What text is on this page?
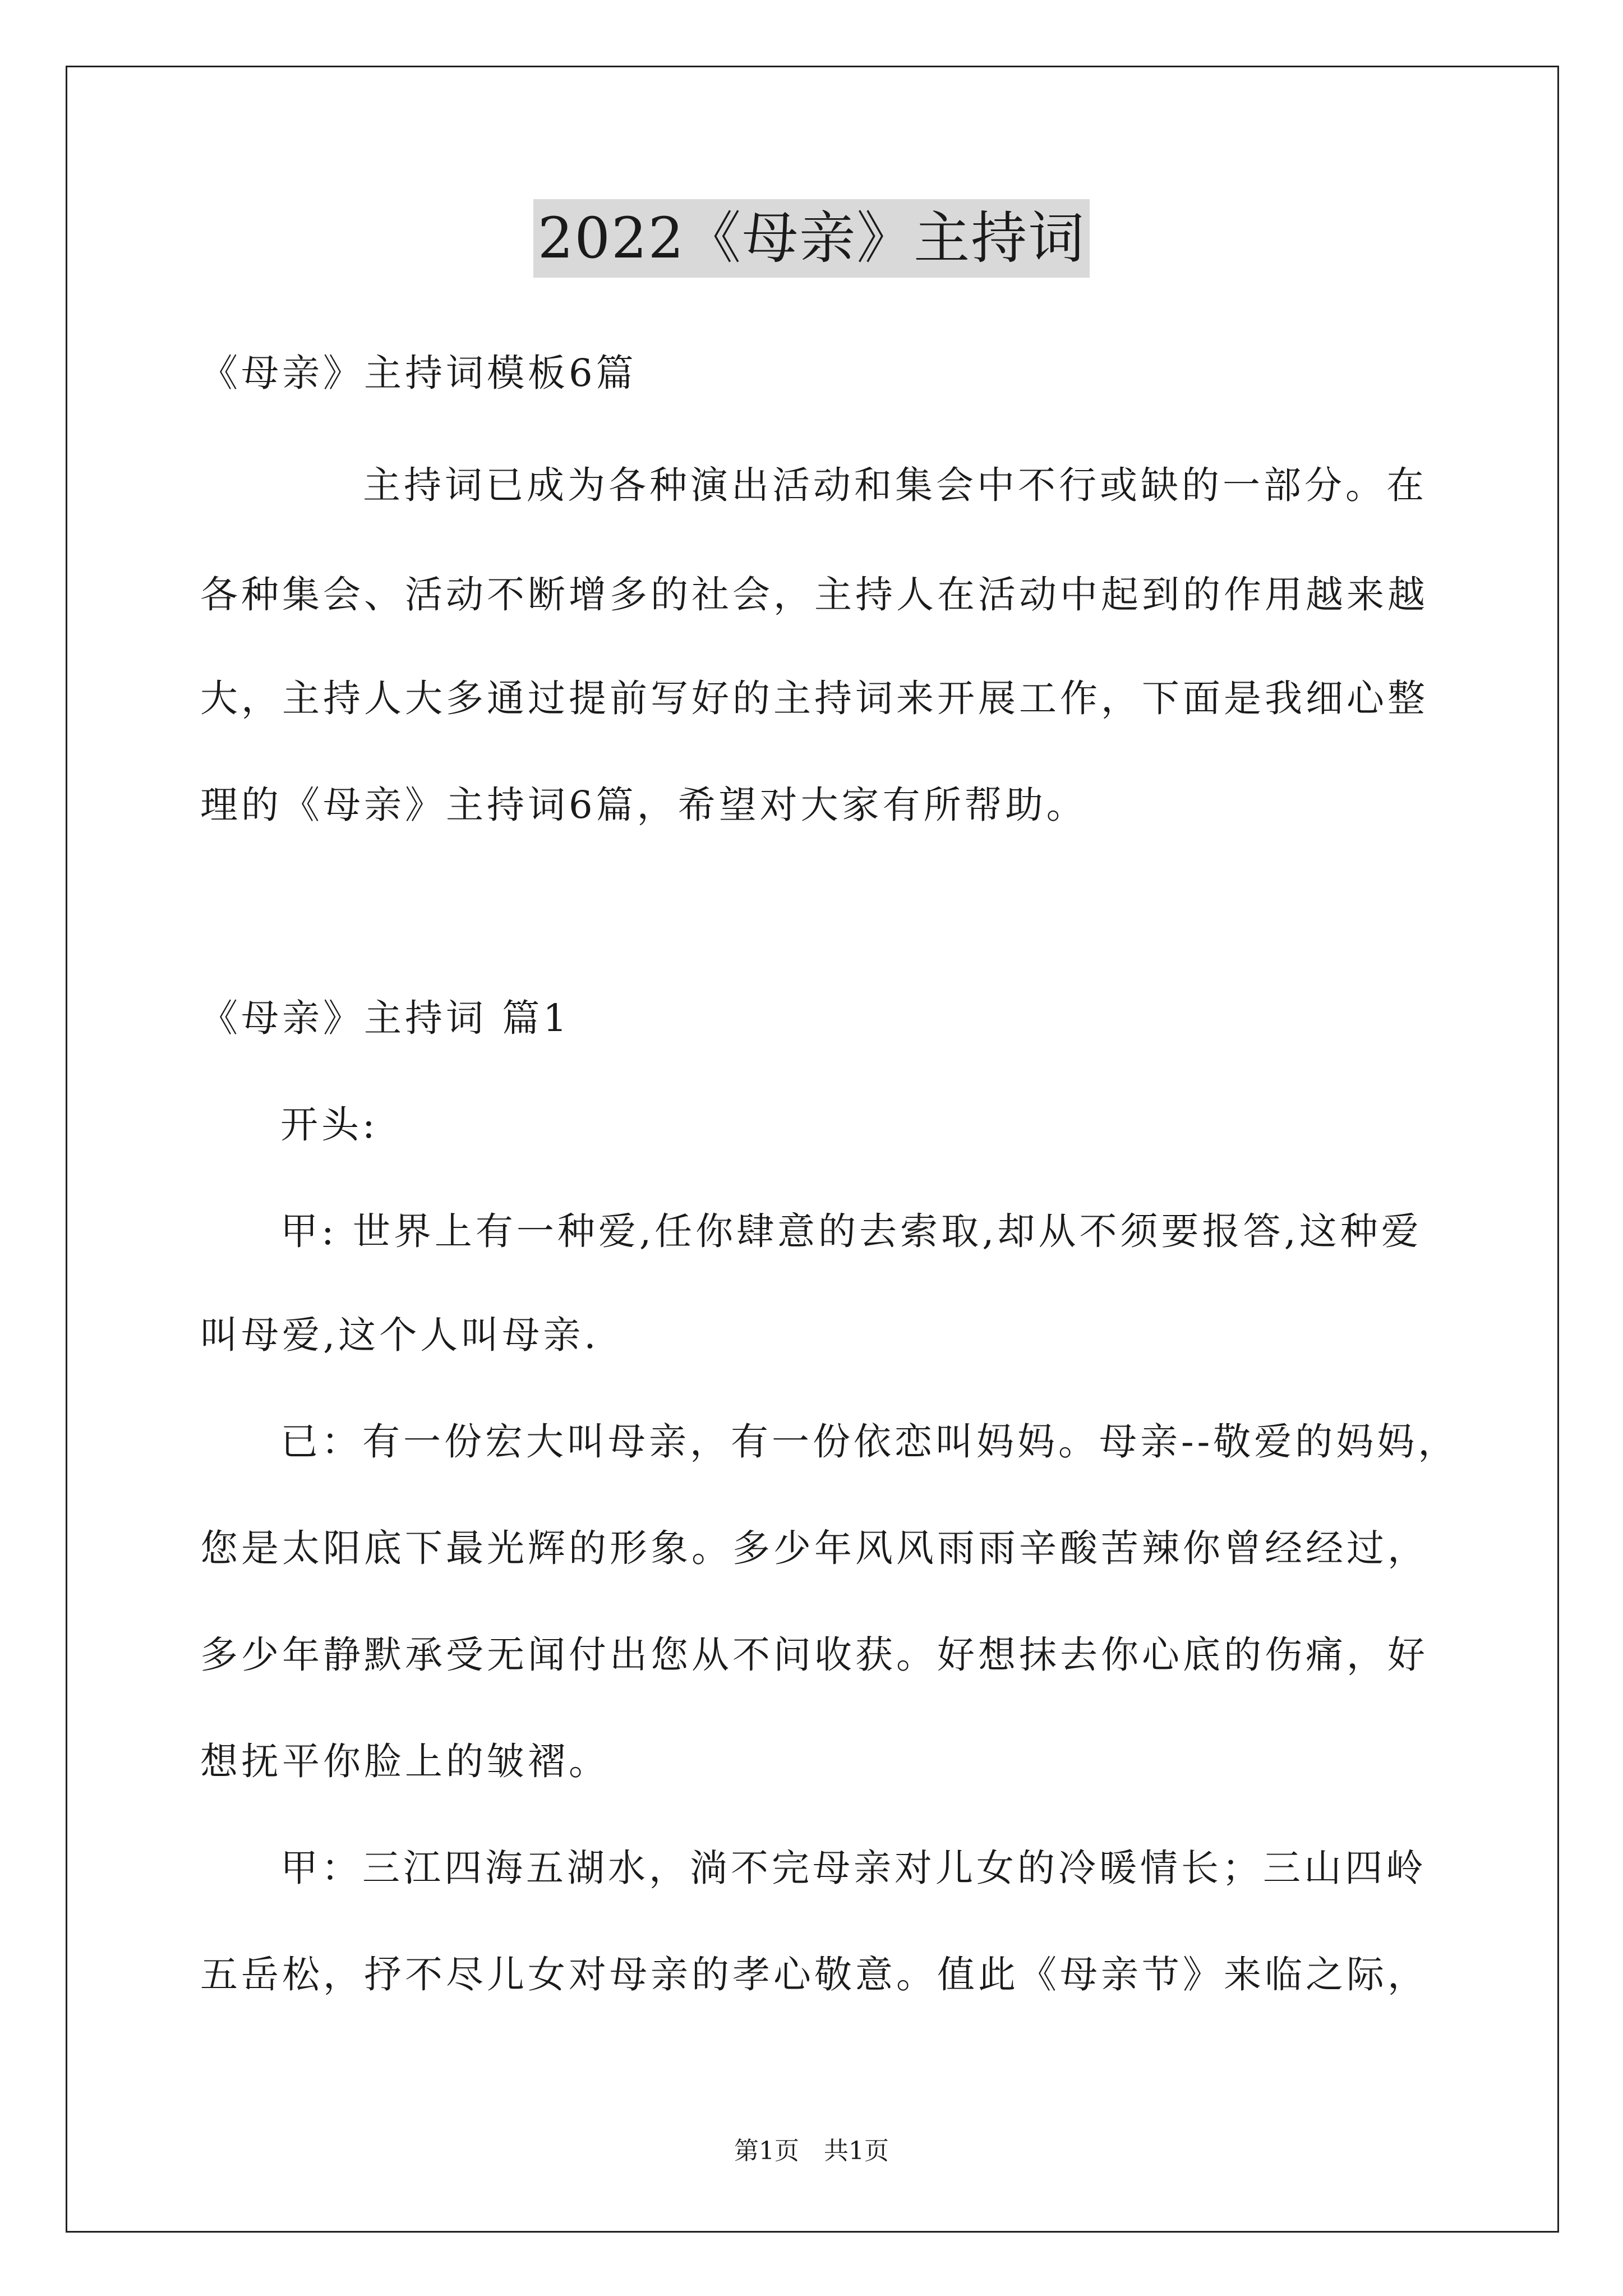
2022《母亲》主持词
《母亲》主持词模板6篇
主持词已成为各种演出活动和集会中不行或缺的一部分。在
各种集会、活动不断增多的社会，主持人在活动中起到的作用越来越
大，主持人大多通过提前写好的主持词来开展工作，下面是我细心整
理的《母亲》主持词6篇，希望对大家有所帮助。
《母亲》主持词 篇1
开头:
甲: 世界上有一种爱,任你肆意的去索取,却从不须要报答,这种爱
叫母爱,这个人叫母亲.
已：有一份宏大叫母亲，有一份依恋叫妈妈。母亲--敬爱的妈妈，
您是太阳底下最光辉的形象。多少年风风雨雨辛酸苦辣你曾经经过，
多少年静默承受无闻付出您从不问收获。好想抹去你心底的伤痛，好
想抚平你脸上的皱褶。
甲：三江四海五湖水，淌不完母亲对儿女的冷暖情长；三山四岭
五岳松，抒不尽儿女对母亲的孝心敬意。值此《母亲节》来临之际，
第1页　共1页
